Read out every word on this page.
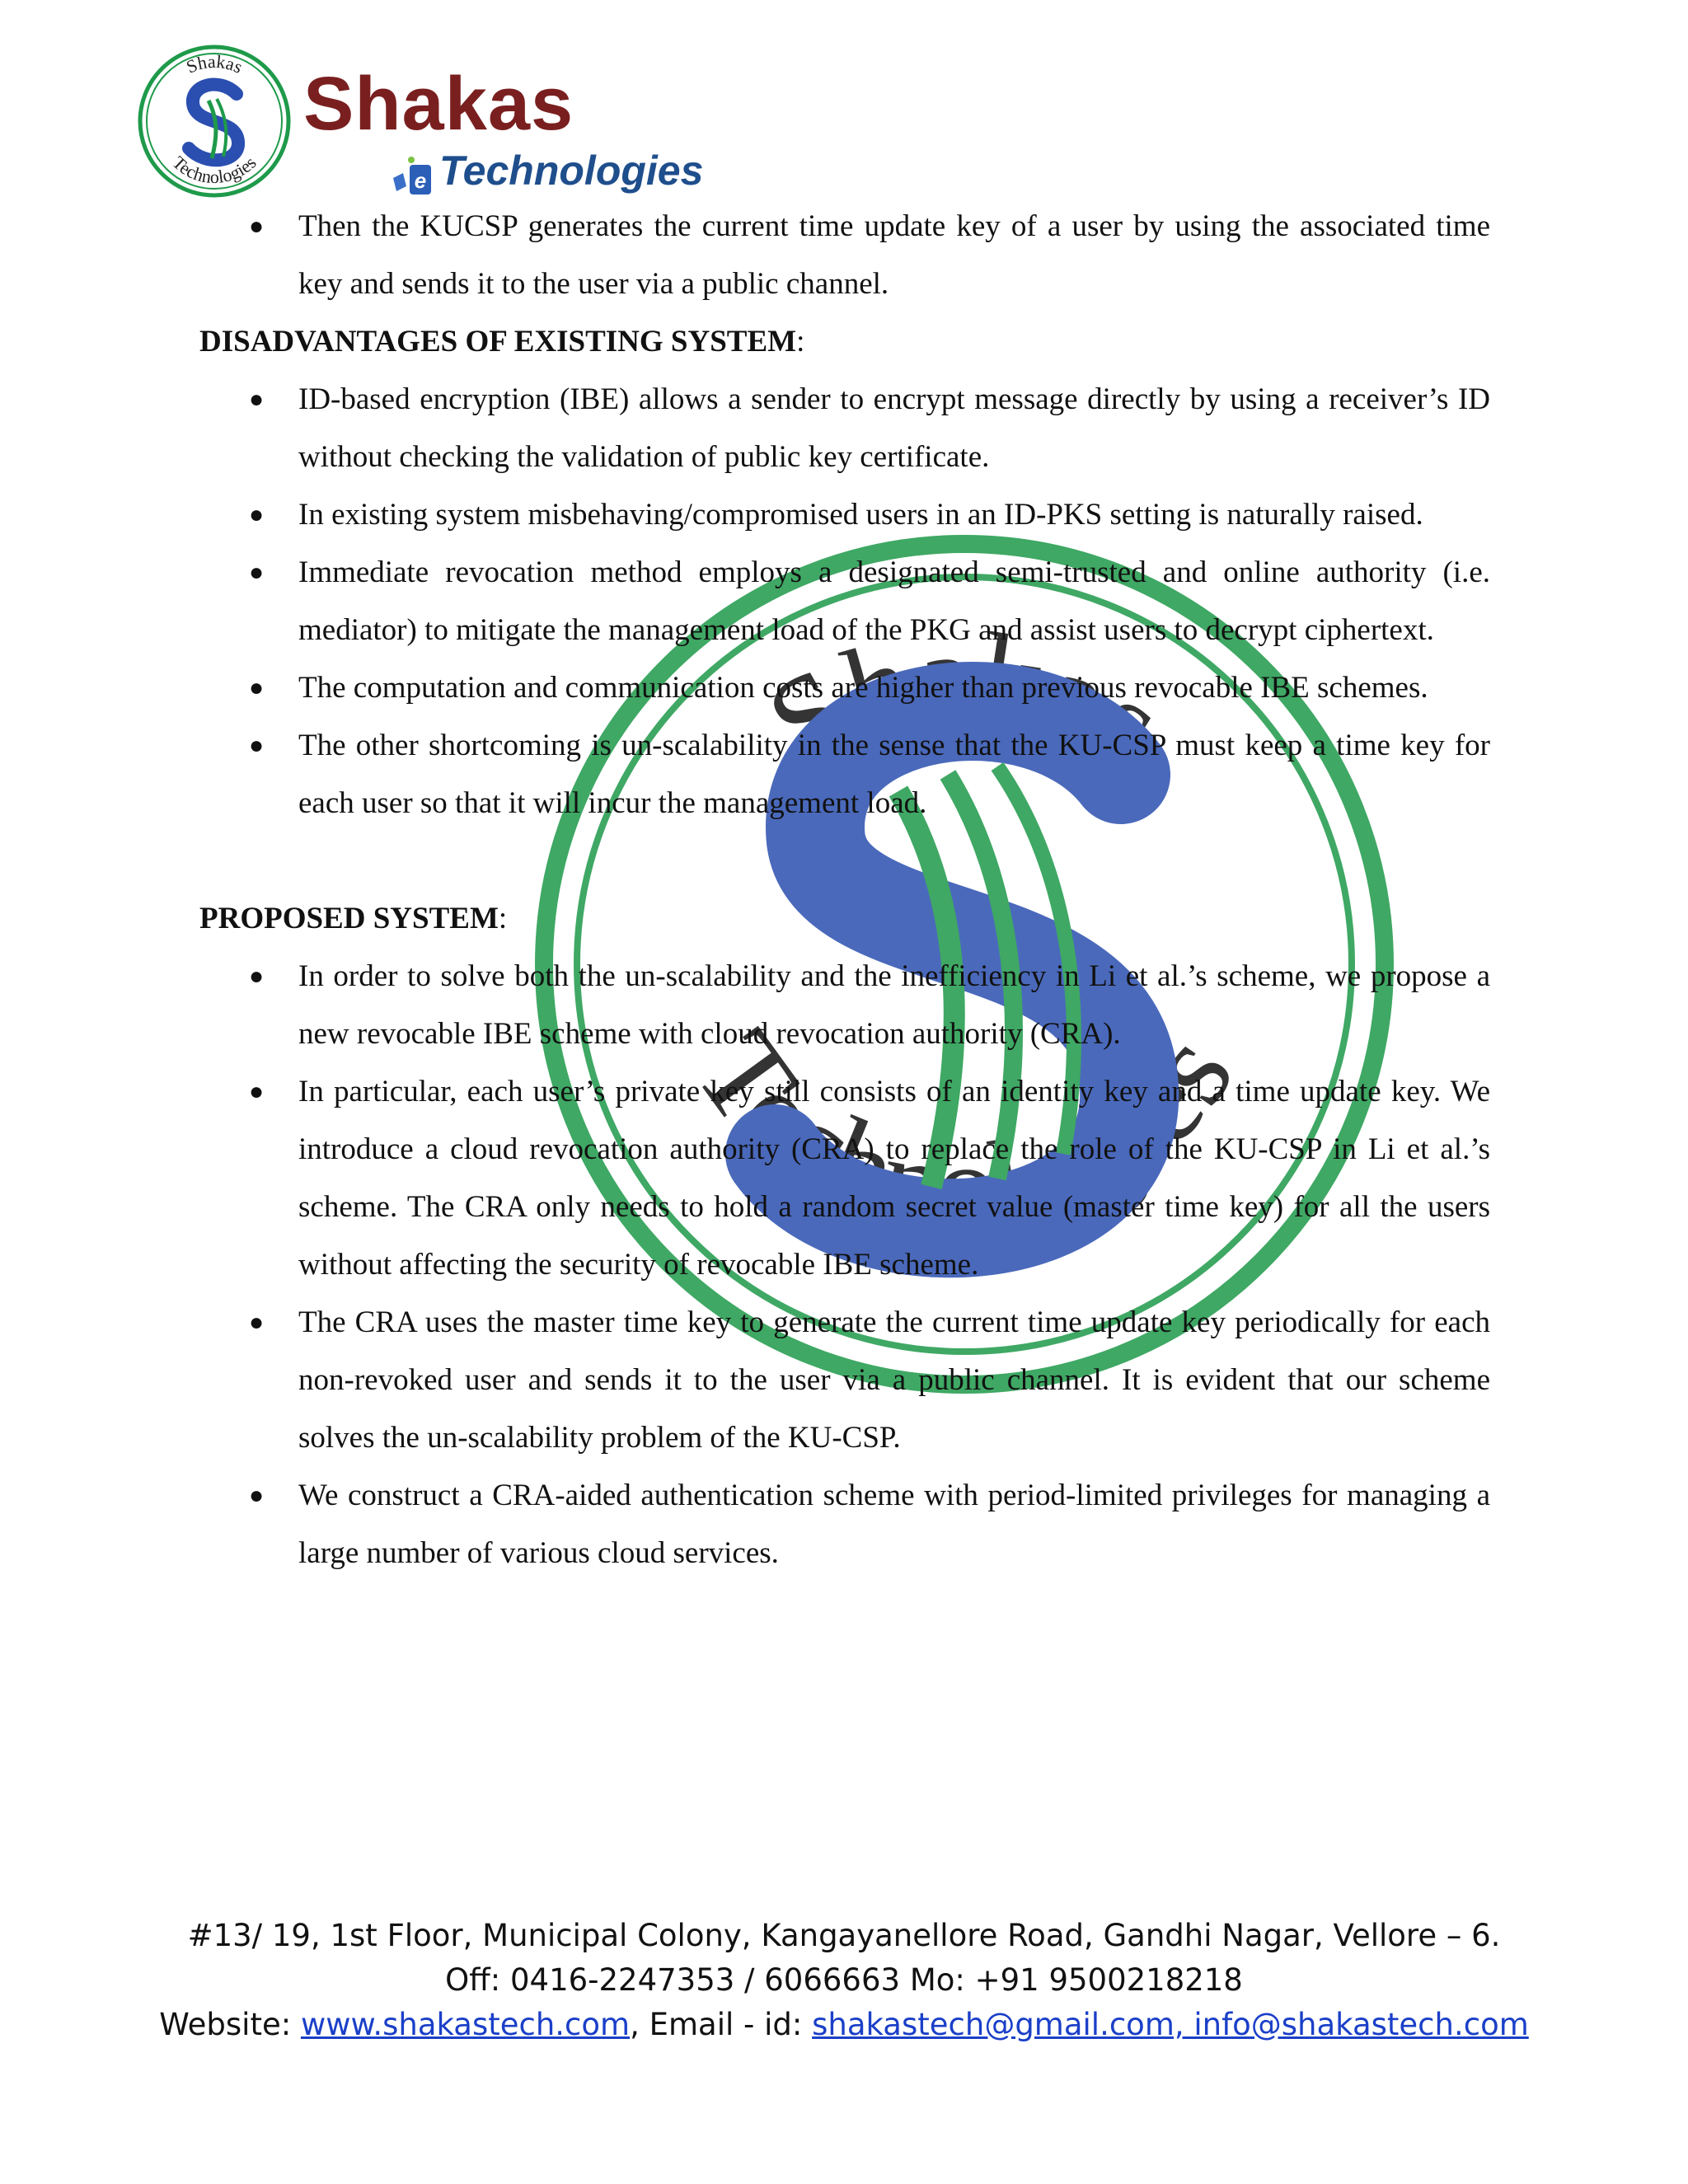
Shakas
Technologies
Shakas
e Technologies
Shakas
Technologies
● Then the KUCSP generates the current time update key of a user by using the associated time key and sends it to the user via a public channel.

DISADVANTAGES OF EXISTING SYSTEM:

● ID-based encryption (IBE) allows a sender to encrypt message directly by using a receiver’s ID without checking the validation of public key certificate.
● In existing system misbehaving/compromised users in an ID-PKS setting is naturally raised.
● Immediate revocation method employs a designated semi-trusted and online authority (i.e. mediator) to mitigate the management load of the PKG and assist users to decrypt ciphertext.
● The computation and communication costs are higher than previous revocable IBE schemes.
● The other shortcoming is un-scalability in the sense that the KU-CSP must keep a time key for each user so that it will incur the management load.

PROPOSED SYSTEM:

● In order to solve both the un-scalability and the inefficiency in Li et al.’s scheme, we propose a new revocable IBE scheme with cloud revocation authority (CRA).
● In particular, each user’s private key still consists of an identity key and a time update key. We introduce a cloud revocation authority (CRA) to replace the role of the KU-CSP in Li et al.’s scheme. The CRA only needs to hold a random secret value (master time key) for all the users without affecting the security of revocable IBE scheme.
● The CRA uses the master time key to generate the current time update key periodically for each non-revoked user and sends it to the user via a public channel. It is evident that our scheme solves the un-scalability problem of the KU-CSP.
● We construct a CRA-aided authentication scheme with period-limited privileges for managing a large number of various cloud services.
#13/ 19, 1st Floor, Municipal Colony, Kangayanellore Road, Gandhi Nagar, Vellore – 6.
Off: 0416-2247353 / 6066663 Mo: +91 9500218218
Website: www.shakastech.com, Email - id: shakastech@gmail.com, info@shakastech.com
